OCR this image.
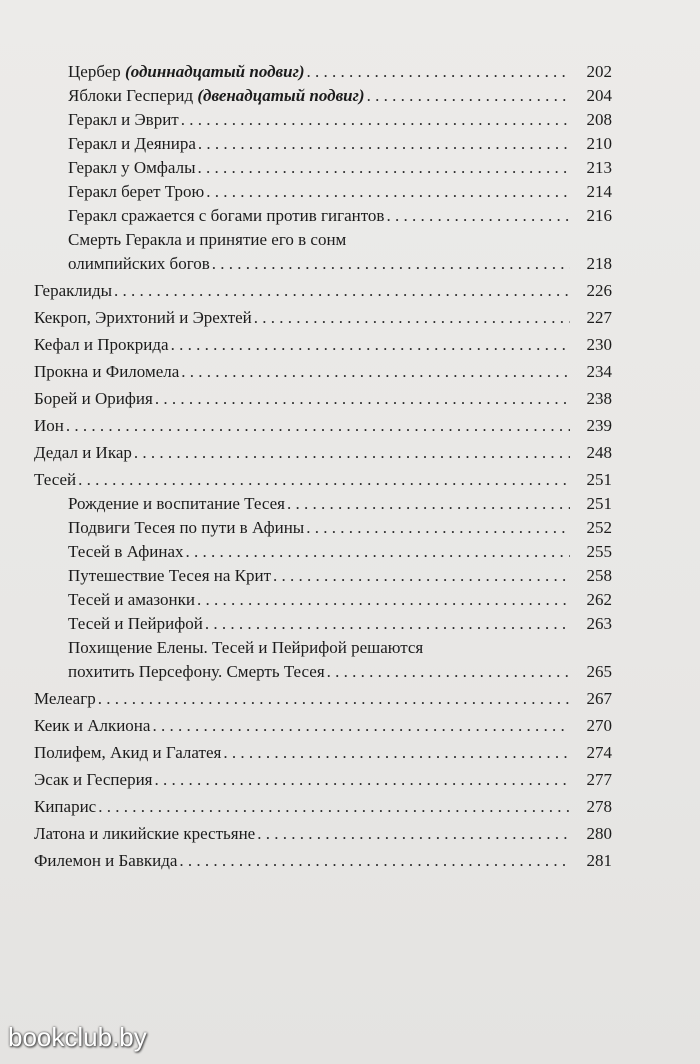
Цербер (одиннадцатый подвиг) . . .	202
Яблоки Гесперид (двенадцатый подвиг) . . .	204
Геракл и Эврит . . .	208
Геракл и Деянира . . .	210
Геракл у Омфалы . . .	213
Геракл берет Трою . . .	214
Геракл сражается с богами против гигантов . . .	216
Смерть Геракла и принятие его в сонм
олимпийских богов . . .	218
Гераклиды . . .	226
Кекроп, Эрихтоний и Эрехтей . . .	227
Кефал и Прокрида . . .	230
Прокна и Филомела . . .	234
Борей и Орифия . . .	238
Ион . . .	239
Дедал и Икар . . .	248
Тесей . . .	251
Рождение и воспитание Тесея . . .	251
Подвиги Тесея по пути в Афины . . .	252
Тесей в Афинах . . .	255
Путешествие Тесея на Крит . . .	258
Тесей и амазонки . . .	262
Тесей и Пейрифой . . .	263
Похищение Елены. Тесей и Пейрифой решаются
похитить Персефону. Смерть Тесея . . .	265
Мелеагр . . .	267
Кеик и Алкиона . . .	270
Полифем, Акид и Галатея . . .	274
Эсак и Гесперия . . .	277
Кипарис . . .	278
Латона и ликийские крестьяне . . .	280
Филемон и Бавкида . . .	281
bookclub.by
